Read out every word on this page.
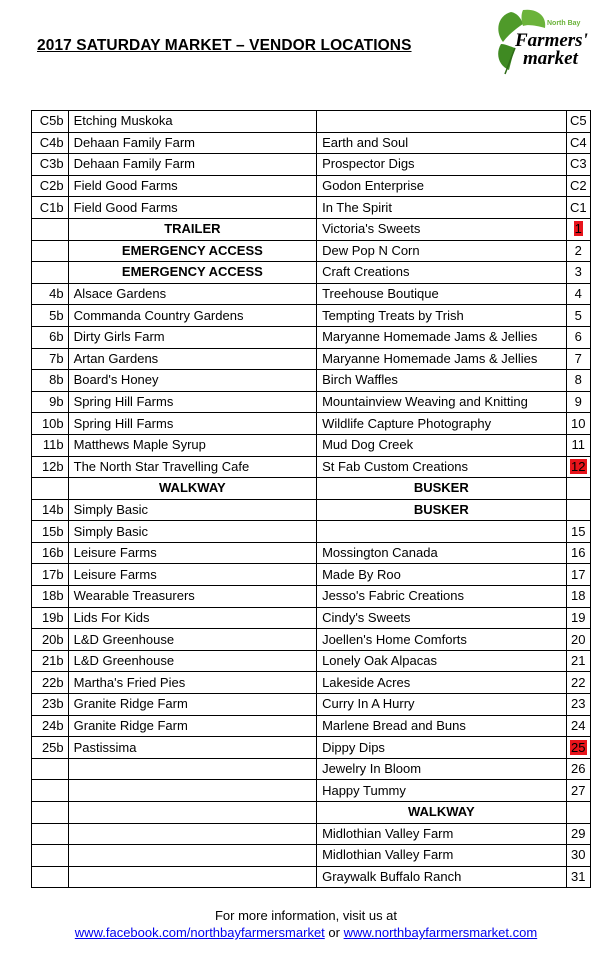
2017 SATURDAY MARKET – VENDOR LOCATIONS
North Bay
Farmers'
market
C5b	Etching Muskoka		C5
C4b	Dehaan Family Farm	Earth and Soul	C4
C3b	Dehaan Family Farm	Prospector Digs	C3
C2b	Field Good Farms	Godon Enterprise	C2
C1b	Field Good Farms	In The Spirit	C1
	TRAILER	Victoria's Sweets	1
	EMERGENCY ACCESS	Dew Pop N Corn	2
	EMERGENCY ACCESS	Craft Creations	3
4b	Alsace Gardens	Treehouse Boutique	4
5b	Commanda Country Gardens	Tempting Treats by Trish	5
6b	Dirty Girls Farm	Maryanne Homemade Jams & Jellies	6
7b	Artan Gardens	Maryanne Homemade Jams & Jellies	7
8b	Board's Honey	Birch Waffles	8
9b	Spring Hill Farms	Mountainview Weaving and Knitting	9
10b	Spring Hill Farms	Wildlife Capture Photography	10
11b	Matthews Maple Syrup	Mud Dog Creek	11
12b	The North Star Travelling Cafe	St Fab Custom Creations	12
	WALKWAY	BUSKER	
14b	Simply Basic	BUSKER	
15b	Simply Basic		15
16b	Leisure Farms	Mossington Canada	16
17b	Leisure Farms	Made By Roo	17
18b	Wearable Treasurers	Jesso's Fabric Creations	18
19b	Lids For Kids	Cindy's Sweets	19
20b	L&D Greenhouse	Joellen's Home Comforts	20
21b	L&D Greenhouse	Lonely Oak Alpacas	21
22b	Martha's Fried Pies	Lakeside Acres	22
23b	Granite Ridge Farm	Curry In A Hurry	23
24b	Granite Ridge Farm	Marlene Bread and Buns	24
25b	Pastissima	Dippy Dips	25
		Jewelry In Bloom	26
		Happy Tummy	27
		WALKWAY	
		Midlothian Valley Farm	29
		Midlothian Valley Farm	30
		Graywalk Buffalo Ranch	31
For more information, visit us at
www.facebook.com/northbayfarmersmarket or www.northbayfarmersmarket.com
